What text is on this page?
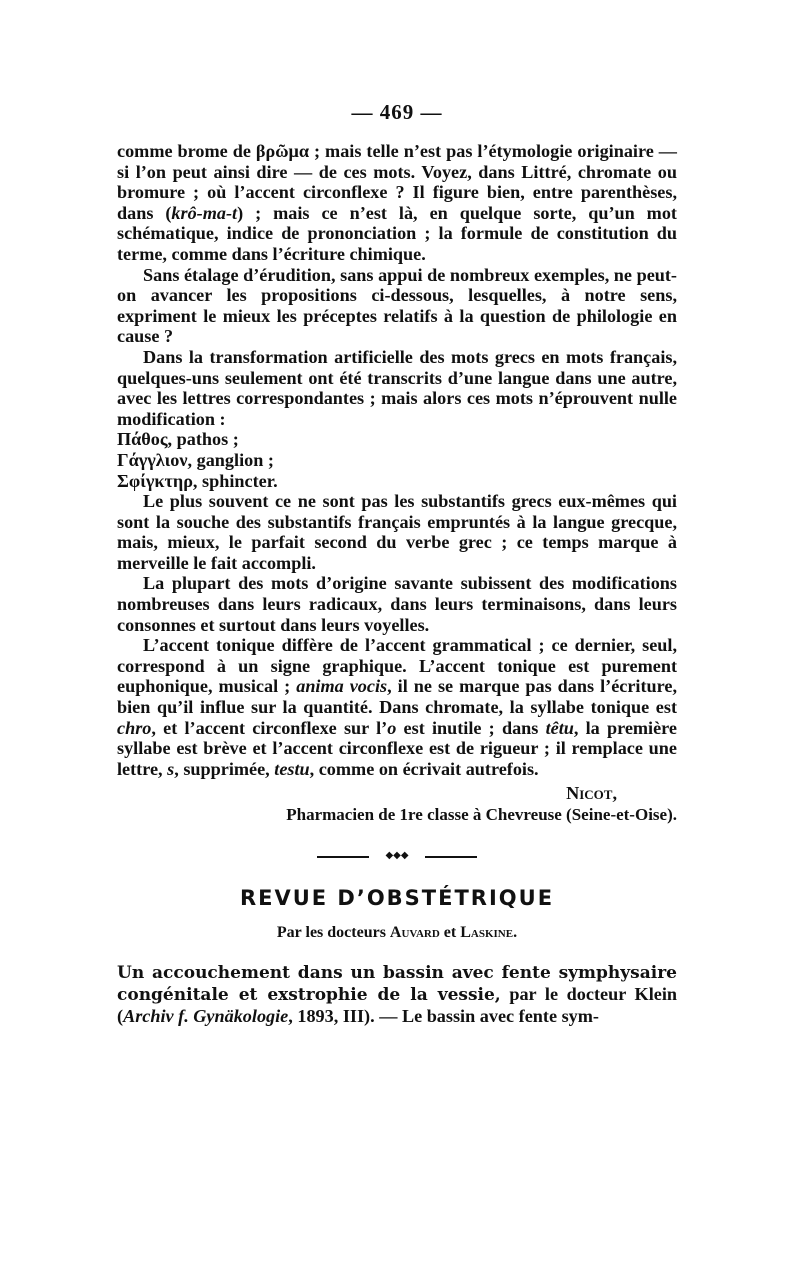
— 469 —

comme brome de βρῶμα ; mais telle n’est pas l’étymologie originaire — si l’on peut ainsi dire — de ces mots. Voyez, dans Littré, chromate ou bromure ; où l’accent circonflexe ? Il figure bien, entre parenthèses, dans (krô-ma-t) ; mais ce n’est là, en quelque sorte, qu’un mot schématique, indice de prononciation ; la formule de constitution du terme, comme dans l’écriture chimique.

Sans étalage d’érudition, sans appui de nombreux exemples, ne peut-on avancer les propositions ci-dessous, lesquelles, à notre sens, expriment le mieux les préceptes relatifs à la question de philologie en cause ?

Dans la transformation artificielle des mots grecs en mots français, quelques-uns seulement ont été transcrits d’une langue dans une autre, avec les lettres correspondantes ; mais alors ces mots n’éprouvent nulle modification :

Πάθος, pathos ;

Γάγγλιον, ganglion ;

Σφίγκτηρ, sphincter.

Le plus souvent ce ne sont pas les substantifs grecs eux-mêmes qui sont la souche des substantifs français empruntés à la langue grecque, mais, mieux, le parfait second du verbe grec ; ce temps marque à merveille le fait accompli.

La plupart des mots d’origine savante subissent des modifications nombreuses dans leurs radicaux, dans leurs terminaisons, dans leurs consonnes et surtout dans leurs voyelles.

L’accent tonique diffère de l’accent grammatical ; ce dernier, seul, correspond à un signe graphique. L’accent tonique est purement euphonique, musical ; anima vocis, il ne se marque pas dans l’écriture, bien qu’il influe sur la quantité. Dans chromate, la syllabe tonique est chro, et l’accent circonflexe sur l’o est inutile ; dans têtu, la première syllabe est brève et l’accent circonflexe est de rigueur ; il remplace une lettre, s, supprimée, testu, comme on écrivait autrefois.

Nicot,

Pharmacien de 1re classe à Chevreuse (Seine-et-Oise).

◆◆◆
REVUE D’OBSTÉTRIQUE
Par les docteurs Auvard et Laskine.

Un accouchement dans un bassin avec fente symphysaire congénitale et exstrophie de la vessie, par le docteur Klein (Archiv f. Gynäkologie, 1893, III). — Le bassin avec fente sym-
